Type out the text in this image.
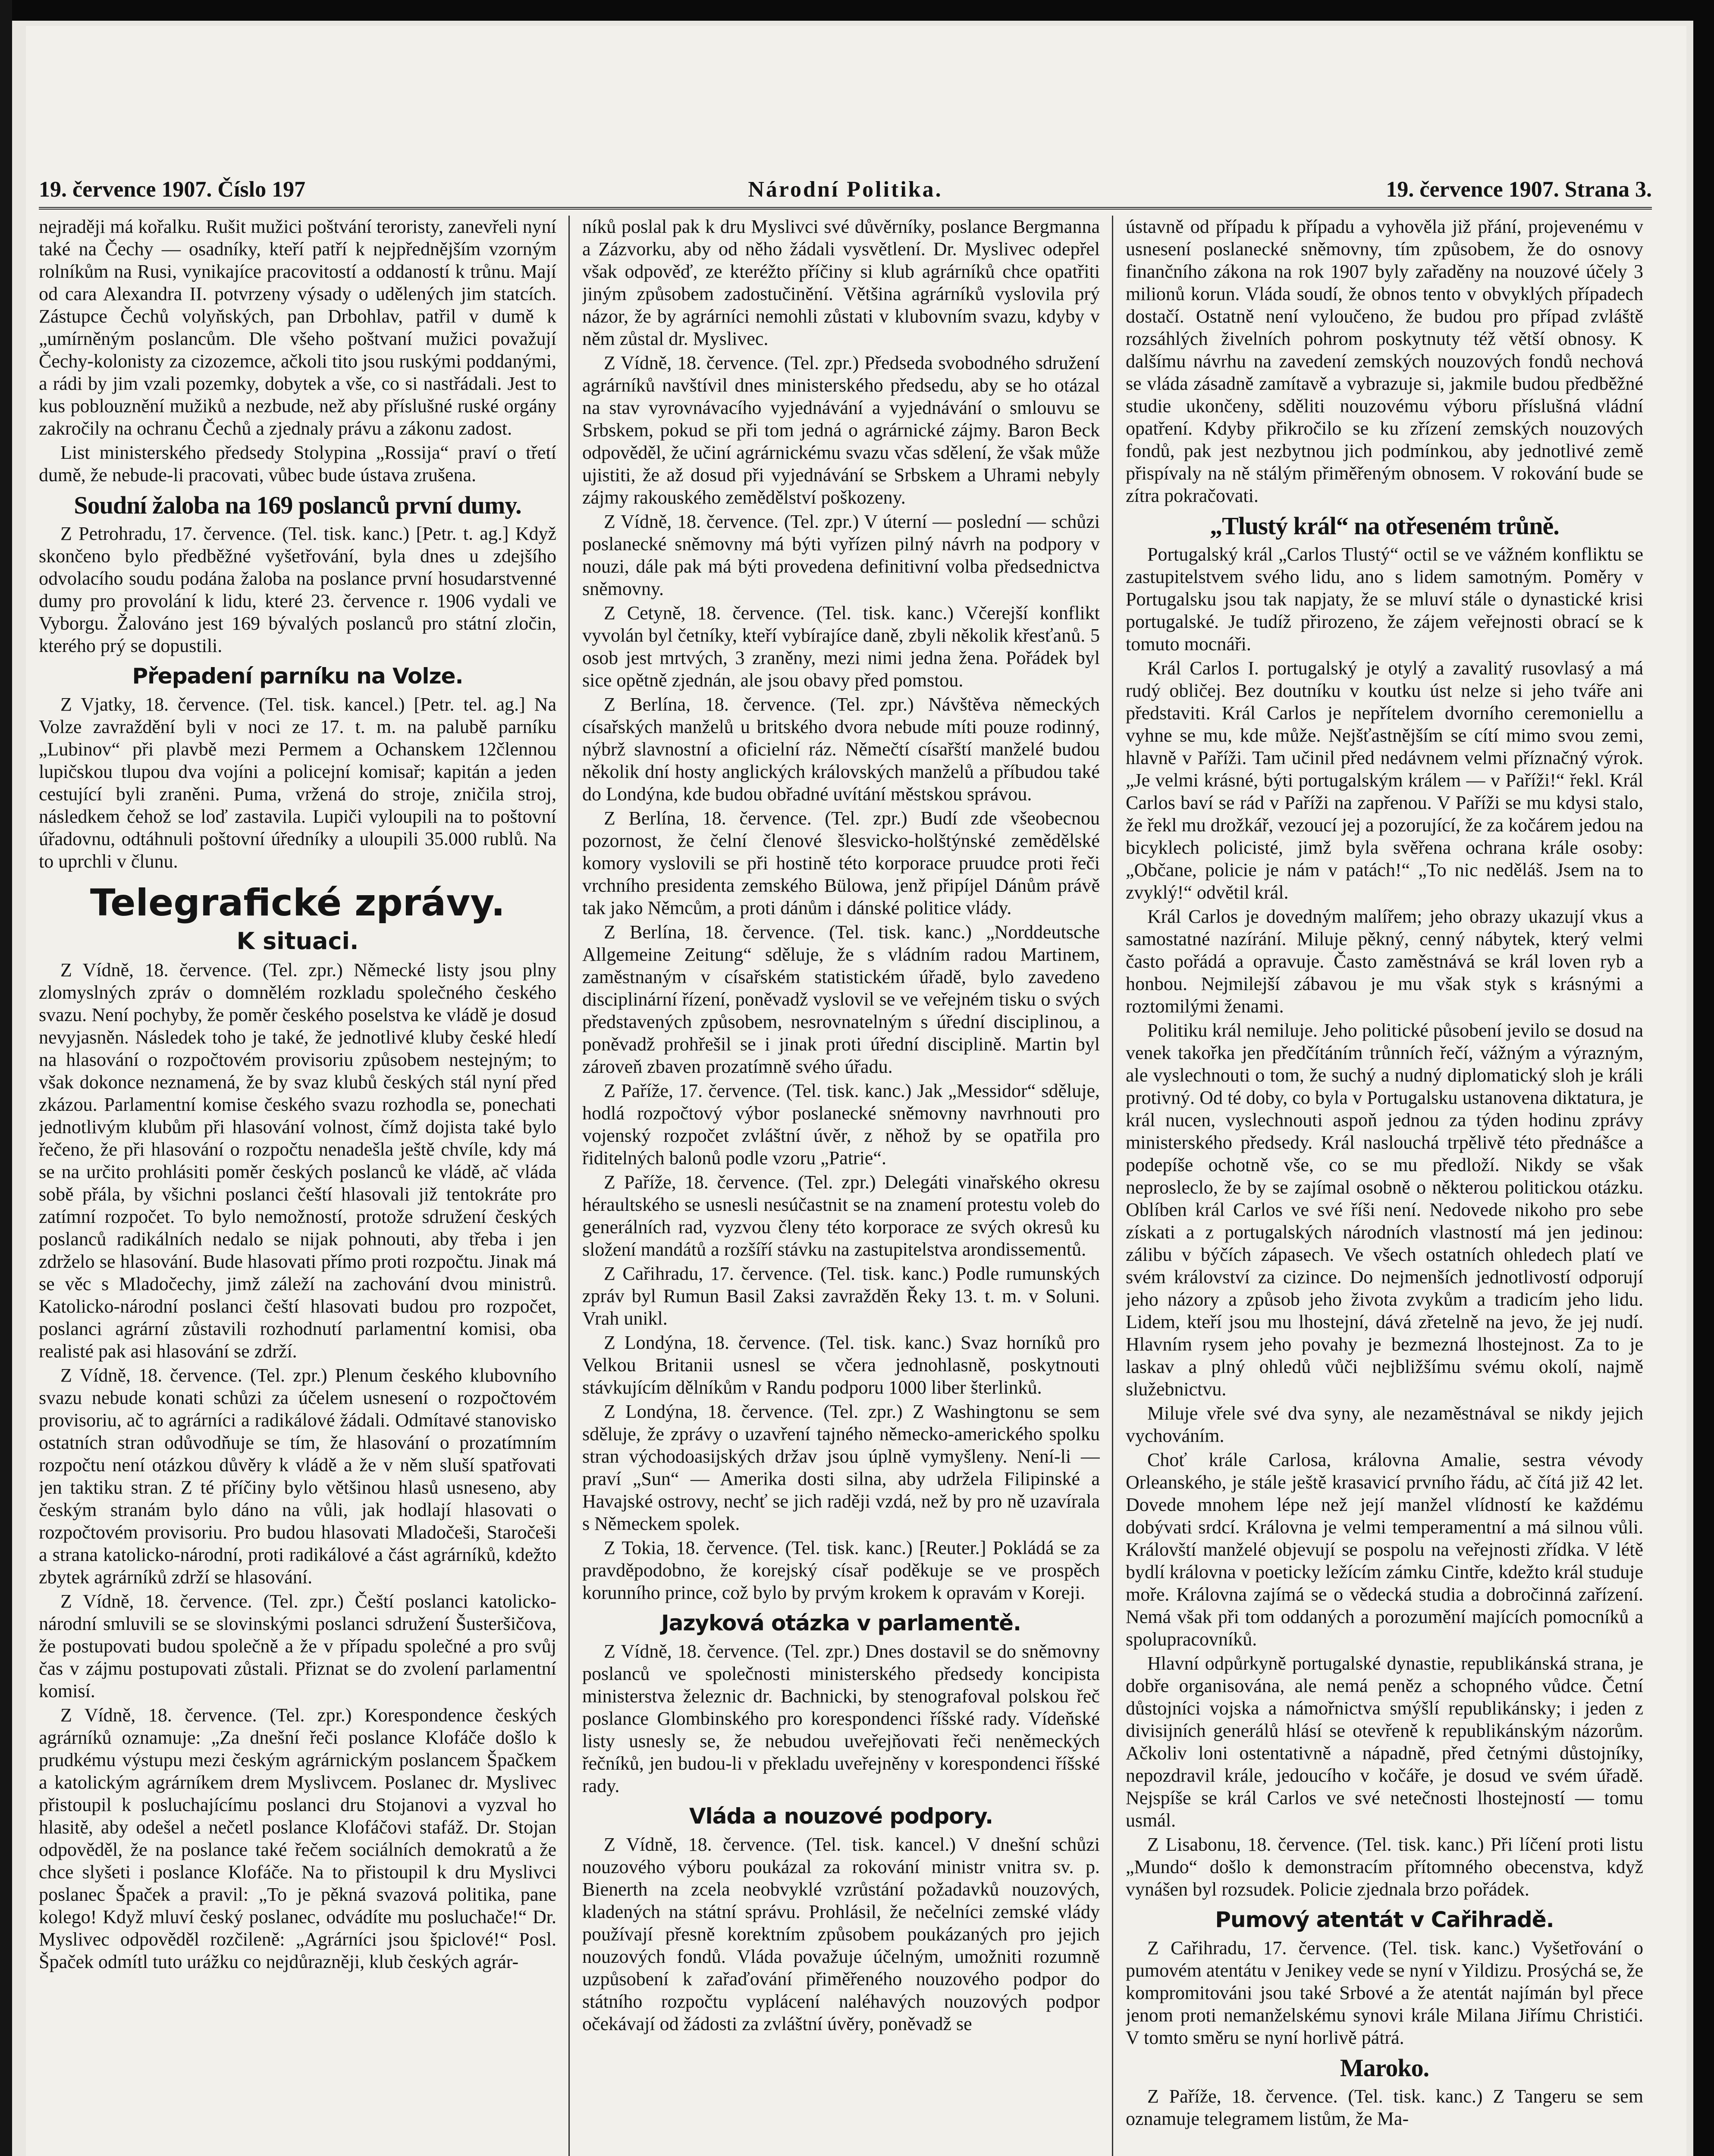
19. července 1907. Číslo 197	Národní Politika.	19. července 1907. Strana 3.

nejraději má kořalku. Rušit mužici poštvání teroristy, zanevřeli nyní také na Čechy — osadníky, kteří patří k nejpřednějším vzorným rolníkům na Rusi, vynikajíce pracovitostí a oddaností k trůnu. Mají od cara Alexandra II. potvrzeny výsady o udělených jim statcích. Zástupce Čechů volyňských, pan Drbohlav, patřil v dumě k „umírněným poslancům. Dle všeho poštvaní mužici považují Čechy-kolonisty za cizozemce, ačkoli tito jsou ruskými poddanými, a rádi by jim vzali pozemky, dobytek a vše, co si nastřádali. Jest to kus poblouznění mužiků a nezbude, než aby příslušné ruské orgány zakročily na ochranu Čechů a zjednaly právu a zákonu zadost.

List ministerského předsedy Stolypina „Rossija“ praví o třetí dumě, že nebude-li pracovati, vůbec bude ústava zrušena.

Soudní žaloba na 169 poslanců první dumy.

Z Petrohradu, 17. července. (Tel. tisk. kanc.) [Petr. t. ag.] Když skončeno bylo předběžné vyšetřování, byla dnes u zdejšího odvolacího soudu podána žaloba na poslance první hosudarstvenné dumy pro provolání k lidu, které 23. července r. 1906 vydali ve Vyborgu. Žalováno jest 169 bývalých poslanců pro státní zločin, kterého prý se dopustili.

Přepadení parníku na Volze.

Z Vjatky, 18. července. (Tel. tisk. kancel.) [Petr. tel. ag.] Na Volze zavraždění byli v noci ze 17. t. m. na palubě parníku „Lubinov“ při plavbě mezi Permem a Ochanskem 12člennou lupičskou tlupou dva vojíni a policejní komisař; kapitán a jeden cestující byli zraněni. Puma, vržená do stroje, zničila stroj, následkem čehož se loď zastavila. Lupiči vyloupili na to poštovní úřadovnu, odtáhnuli poštovní úředníky a uloupili 35.000 rublů. Na to uprchli v člunu.

Telegrafické zprávy.
K situaci.

Z Vídně, 18. července. (Tel. zpr.) Německé listy jsou plny zlomyslných zpráv o domnělém rozkladu společného českého svazu. Není pochyby, že poměr českého poselstva ke vládě je dosud nevyjasněn. Následek toho je také, že jednotlivé kluby české hledí na hlasování o rozpočtovém provisoriu způsobem nestejným; to však dokonce neznamená, že by svaz klubů českých stál nyní před zkázou. Parlamentní komise českého svazu rozhodla se, ponechati jednotlivým klubům při hlasování volnost, čímž dojista také bylo řečeno, že při hlasování o rozpočtu nenadešla ještě chvíle, kdy má se na určito prohlásiti poměr českých poslanců ke vládě, ač vláda sobě přála, by všichni poslanci čeští hlasovali již tentokráte pro zatímní rozpočet. To bylo nemožností, protože sdružení českých poslanců radikálních nedalo se nijak pohnouti, aby třeba i jen zdrželo se hlasování. Bude hlasovati přímo proti rozpočtu. Jinak má se věc s Mladočechy, jimž záleží na zachování dvou ministrů. Katolicko-národní poslanci čeští hlasovati budou pro rozpočet, poslanci agrární zůstavili rozhodnutí parlamentní komisi, oba realisté pak asi hlasování se zdrží.

Z Vídně, 18. července. (Tel. zpr.) Plenum českého klubovního svazu nebude konati schůzi za účelem usnesení o rozpočtovém provisoriu, ač to agrárníci a radikálové žádali. Odmítavé stanovisko ostatních stran odůvodňuje se tím, že hlasování o prozatímním rozpočtu není otázkou důvěry k vládě a že v něm sluší spatřovati jen taktiku stran. Z té příčiny bylo většinou hlasů usneseno, aby českým stranám bylo dáno na vůli, jak hodlají hlasovati o rozpočtovém provisoriu. Pro budou hlasovati Mladočeši, Staročeši a strana katolicko-národní, proti radikálové a část agrárníků, kdežto zbytek agrárníků zdrží se hlasování.

Z Vídně, 18. července. (Tel. zpr.) Čeští poslanci katolicko-národní smluvili se se slovinskými poslanci sdružení Šusteršičova, že postupovati budou společně a že v případu společné a pro svůj čas v zájmu postupovati zůstali. Přiznat se do zvolení parlamentní komisí.

Z Vídně, 18. července. (Tel. zpr.) Korespondence českých agrárníků oznamuje: „Za dnešní řeči poslance Klofáče došlo k prudkému výstupu mezi českým agrárnickým poslancem Špačkem a katolickým agrárníkem drem Myslivcem. Poslanec dr. Myslivec přistoupil k posluchajícímu poslanci dru Stojanovi a vyzval ho hlasitě, aby odešel a nečetl poslance Klofáčovi stafáž. Dr. Stojan odpověděl, že na poslance také řečem sociálních demokratů a že chce slyšeti i poslance Klofáče. Na to přistoupil k dru Myslivci poslanec Špaček a pravil: „To je pěkná svazová politika, pane kolego! Když mluví český poslanec, odvádíte mu posluchače!“ Dr. Myslivec odpověděl rozčileně: „Agrárníci jsou špiclové!“ Posl. Špaček odmítl tuto urážku co nejdůrazněji, klub českých agrár-

níků poslal pak k dru Myslivci své důvěrníky, poslance Bergmanna a Zázvorku, aby od něho žádali vysvětlení. Dr. Myslivec odepřel však odpověď, ze kteréžto příčiny si klub agrárníků chce opatřiti jiným způsobem zadostučinění. Většina agrárníků vyslovila prý názor, že by agrárníci nemohli zůstati v klubovním svazu, kdyby v něm zůstal dr. Myslivec.

Z Vídně, 18. července. (Tel. zpr.) Předseda svobodného sdružení agrárníků navštívil dnes ministerského předsedu, aby se ho otázal na stav vyrovnávacího vyjednávání a vyjednávání o smlouvu se Srbskem, pokud se při tom jedná o agrárnické zájmy. Baron Beck odpověděl, že učiní agrárnickému svazu včas sdělení, že však může ujistiti, že až dosud při vyjednávání se Srbskem a Uhrami nebyly zájmy rakouského zemědělství poškozeny.

Z Vídně, 18. července. (Tel. zpr.) V úterní — poslední — schůzi poslanecké sněmovny má býti vyřízen pilný návrh na podpory v nouzi, dále pak má býti provedena definitivní volba předsednictva sněmovny.

Z Cetyně, 18. července. (Tel. tisk. kanc.) Včerejší konflikt vyvolán byl četníky, kteří vybírajíce daně, zbyli několik křesťanů. 5 osob jest mrtvých, 3 zraněny, mezi nimi jedna žena. Pořádek byl sice opětně zjednán, ale jsou obavy před pomstou.

Z Berlína, 18. července. (Tel. zpr.) Návštěva německých císařských manželů u britského dvora nebude míti pouze rodinný, nýbrž slavnostní a oficielní ráz. Němečtí císařští manželé budou několik dní hosty anglických královských manželů a příbudou také do Londýna, kde budou obřadné uvítání městskou správou.

Z Berlína, 18. července. (Tel. zpr.) Budí zde všeobecnou pozornost, že čelní členové šlesvicko-holštýnské zemědělské komory vyslovili se při hostině této korporace pruudce proti řeči vrchního presidenta zemského Bülowa, jenž připíjel Dánům právě tak jako Němcům, a proti dánům i dánské politice vlády.

Z Berlína, 18. července. (Tel. tisk. kanc.) „Norddeutsche Allgemeine Zeitung“ sděluje, že s vládním radou Martinem, zaměstnaným v císařském statistickém úřadě, bylo zavedeno disciplinární řízení, poněvadž vyslovil se ve veřejném tisku o svých představených způsobem, nesrovnatelným s úřední disciplinou, a poněvadž prohřešil se i jinak proti úřední disciplině. Martin byl zároveň zbaven prozatímně svého úřadu.

Z Paříže, 17. července. (Tel. tisk. kanc.) Jak „Messidor“ sděluje, hodlá rozpočtový výbor poslanecké sněmovny navrhnouti pro vojenský rozpočet zvláštní úvěr, z něhož by se opatřila pro řiditelných balonů podle vzoru „Patrie“.

Z Paříže, 18. července. (Tel. zpr.) Delegáti vinařského okresu héraultského se usnesli nesúčastnit se na znamení protestu voleb do generálních rad, vyzvou členy této korporace ze svých okresů ku složení mandátů a rozšíří stávku na zastupitelstva arondissementů.

Z Cařihradu, 17. července. (Tel. tisk. kanc.) Podle rumunských zpráv byl Rumun Basil Zaksi zavražděn Řeky 13. t. m. v Soluni. Vrah unikl.

Z Londýna, 18. července. (Tel. tisk. kanc.) Svaz horníků pro Velkou Britanii usnesl se včera jednohlasně, poskytnouti stávkujícím dělníkům v Randu podporu 1000 liber šterlinků.

Z Londýna, 18. července. (Tel. zpr.) Z Washingtonu se sem sděluje, že zprávy o uzavření tajného německo-amerického spolku stran východoasijských držav jsou úplně vymyšleny. Není-li — praví „Sun“ — Amerika dosti silna, aby udržela Filipinské a Havajské ostrovy, nechť se jich raději vzdá, než by pro ně uzavírala s Německem spolek.

Z Tokia, 18. července. (Tel. tisk. kanc.) [Reuter.] Pokládá se za pravděpodobno, že korejský císař poděkuje se ve prospěch korunního prince, což bylo by prvým krokem k opravám v Koreji.

Jazyková otázka v parlamentě.

Z Vídně, 18. července. (Tel. zpr.) Dnes dostavil se do sněmovny poslanců ve společnosti ministerského předsedy koncipista ministerstva železnic dr. Bachnicki, by stenografoval polskou řeč poslance Glombinského pro korespondenci říšské rady. Vídeňské listy usnesly se, že nebudou uveřejňovati řeči neněmeckých řečníků, jen budou-li v překladu uveřejněny v korespondenci říšské rady.

Vláda a nouzové podpory.

Z Vídně, 18. července. (Tel. tisk. kancel.) V dnešní schůzi nouzového výboru poukázal za rokování ministr vnitra sv. p. Bienerth na zcela neobvyklé vzrůstání požadavků nouzových, kladených na státní správu. Prohlásil, že nečelníci zemské vlády používají přesně korektním způsobem poukázaných pro jejich nouzových fondů. Vláda považuje účelným, umožniti rozumně uzpůsobení k zařaďování přiměřeného nouzového podpor do státního rozpočtu vyplácení naléhavých nouzových podpor očekávají od žádosti za zvláštní úvěry, poněvadž se

ústavně od případu k případu a vyhověla již přání, projevenému v usnesení poslanecké sněmovny, tím způsobem, že do osnovy finančního zákona na rok 1907 byly zařaděny na nouzové účely 3 milionů korun. Vláda soudí, že obnos tento v obvyklých případech dostačí. Ostatně není vyloučeno, že budou pro případ zvláště rozsáhlých živelních pohrom poskytnuty též větší obnosy. K dalšímu návrhu na zavedení zemských nouzových fondů nechová se vláda zásadně zamítavě a vybrazuje si, jakmile budou předběžné studie ukončeny, sděliti nouzovému výboru příslušná vládní opatření. Kdyby přikročilo se ku zřízení zemských nouzových fondů, pak jest nezbytnou jich podmínkou, aby jednotlivé země přispívaly na ně stálým přiměřeným obnosem. V rokování bude se zítra pokračovati.

„Tlustý král“ na otřeseném trůně.

Portugalský král „Carlos Tlustý“ octil se ve vážném konfliktu se zastupitelstvem svého lidu, ano s lidem samotným. Poměry v Portugalsku jsou tak napjaty, že se mluví stále o dynastické krisi portugalské. Je tudíž přirozeno, že zájem veřejnosti obrací se k tomuto mocnáři.

Král Carlos I. portugalský je otylý a zavalitý rusovlasý a má rudý obličej. Bez doutníku v koutku úst nelze si jeho tváře ani představiti. Král Carlos je nepřítelem dvorního ceremoniellu a vyhne se mu, kde může. Nejšťastnějším se cítí mimo svou zemi, hlavně v Paříži. Tam učinil před nedávnem velmi příznačný výrok. „Je velmi krásné, býti portugalským králem — v Paříži!“ řekl. Král Carlos baví se rád v Paříži na zapřenou. V Paříži se mu kdysi stalo, že řekl mu drožkář, vezoucí jej a pozorující, že za kočárem jedou na bicyklech policisté, jimž byla svěřena ochrana krále osoby: „Občane, policie je nám v patách!“ „To nic neděláš. Jsem na to zvyklý!“ odvětil král.

Král Carlos je dovedným malířem; jeho obrazy ukazují vkus a samostatné nazírání. Miluje pěkný, cenný nábytek, který velmi často pořádá a opravuje. Často zaměstnává se král loven ryb a honbou. Nejmilejší zábavou je mu však styk s krásnými a roztomilými ženami.

Politiku král nemiluje. Jeho politické působení jevilo se dosud na venek takořka jen předčítáním trůnních řečí, vážným a výrazným, ale vyslechnouti o tom, že suchý a nudný diplomatický sloh je králi protivný. Od té doby, co byla v Portugalsku ustanovena diktatura, je král nucen, vyslechnouti aspoň jednou za týden hodinu zprávy ministerského předsedy. Král naslouchá trpělivě této přednášce a podepíše ochotně vše, co se mu předloží. Nikdy se však neprosleclo, že by se zajímal osobně o některou politickou otázku. Oblíben král Carlos ve své říši není. Nedovede nikoho pro sebe získati a z portugalských národních vlastností má jen jedinou: zálibu v býčích zápasech. Ve všech ostatních ohledech platí ve svém království za cizince. Do nejmenších jednotlivostí odporují jeho názory a způsob jeho života zvykům a tradicím jeho lidu. Lidem, kteří jsou mu lhostejní, dává zřetelně na jevo, že jej nudí. Hlavním rysem jeho povahy je bezmezná lhostejnost. Za to je laskav a plný ohledů vůči nejbližšímu svému okolí, najmě služebnictvu.

Miluje vřele své dva syny, ale nezaměstnával se nikdy jejich vychováním.

Choť krále Carlosa, královna Amalie, sestra vévody Orleanského, je stále ještě krasavicí prvního řádu, ač čítá již 42 let. Dovede mnohem lépe než její manžel vlídností ke každému dobývati srdcí. Královna je velmi temperamentní a má silnou vůli. Královští manželé objevují se pospolu na veřejnosti zřídka. V létě bydlí královna v poeticky ležícím zámku Cintře, kdežto král studuje moře. Královna zajímá se o vědecká studia a dobročinná zařízení. Nemá však při tom oddaných a porozumění majících pomocníků a spolupracovníků.

Hlavní odpůrkyně portugalské dynastie, republikánská strana, je dobře organisována, ale nemá peněz a schopného vůdce. Četní důstojníci vojska a námořnictva smýšlí republikánsky; i jeden z divisijních generálů hlásí se otevřeně k republikánským názorům. Ačkoliv loni ostentativně a nápadně, před četnými důstojníky, nepozdravil krále, jedoucího v kočáře, je dosud ve svém úřadě. Nejspíše se král Carlos ve své netečnosti lhostejností — tomu usmál.

Z Lisabonu, 18. července. (Tel. tisk. kanc.) Při líčení proti listu „Mundo“ došlo k demonstracím přítomného obecenstva, když vynášen byl rozsudek. Policie zjednala brzo pořádek.

Pumový atentát v Cařihradě.

Z Cařihradu, 17. července. (Tel. tisk. kanc.) Vyšetřování o pumovém atentátu v Jenikey vede se nyní v Yildizu. Prosýchá se, že kompromitováni jsou také Srbové a že atentát najímán byl přece jenom proti nemanželskému synovi krále Milana Jiřímu Christići. V tomto směru se nyní horlivě pátrá.

Maroko.

Z Paříže, 18. července. (Tel. tisk. kanc.) Z Tangeru se sem oznamuje telegramem listům, že Ma-
